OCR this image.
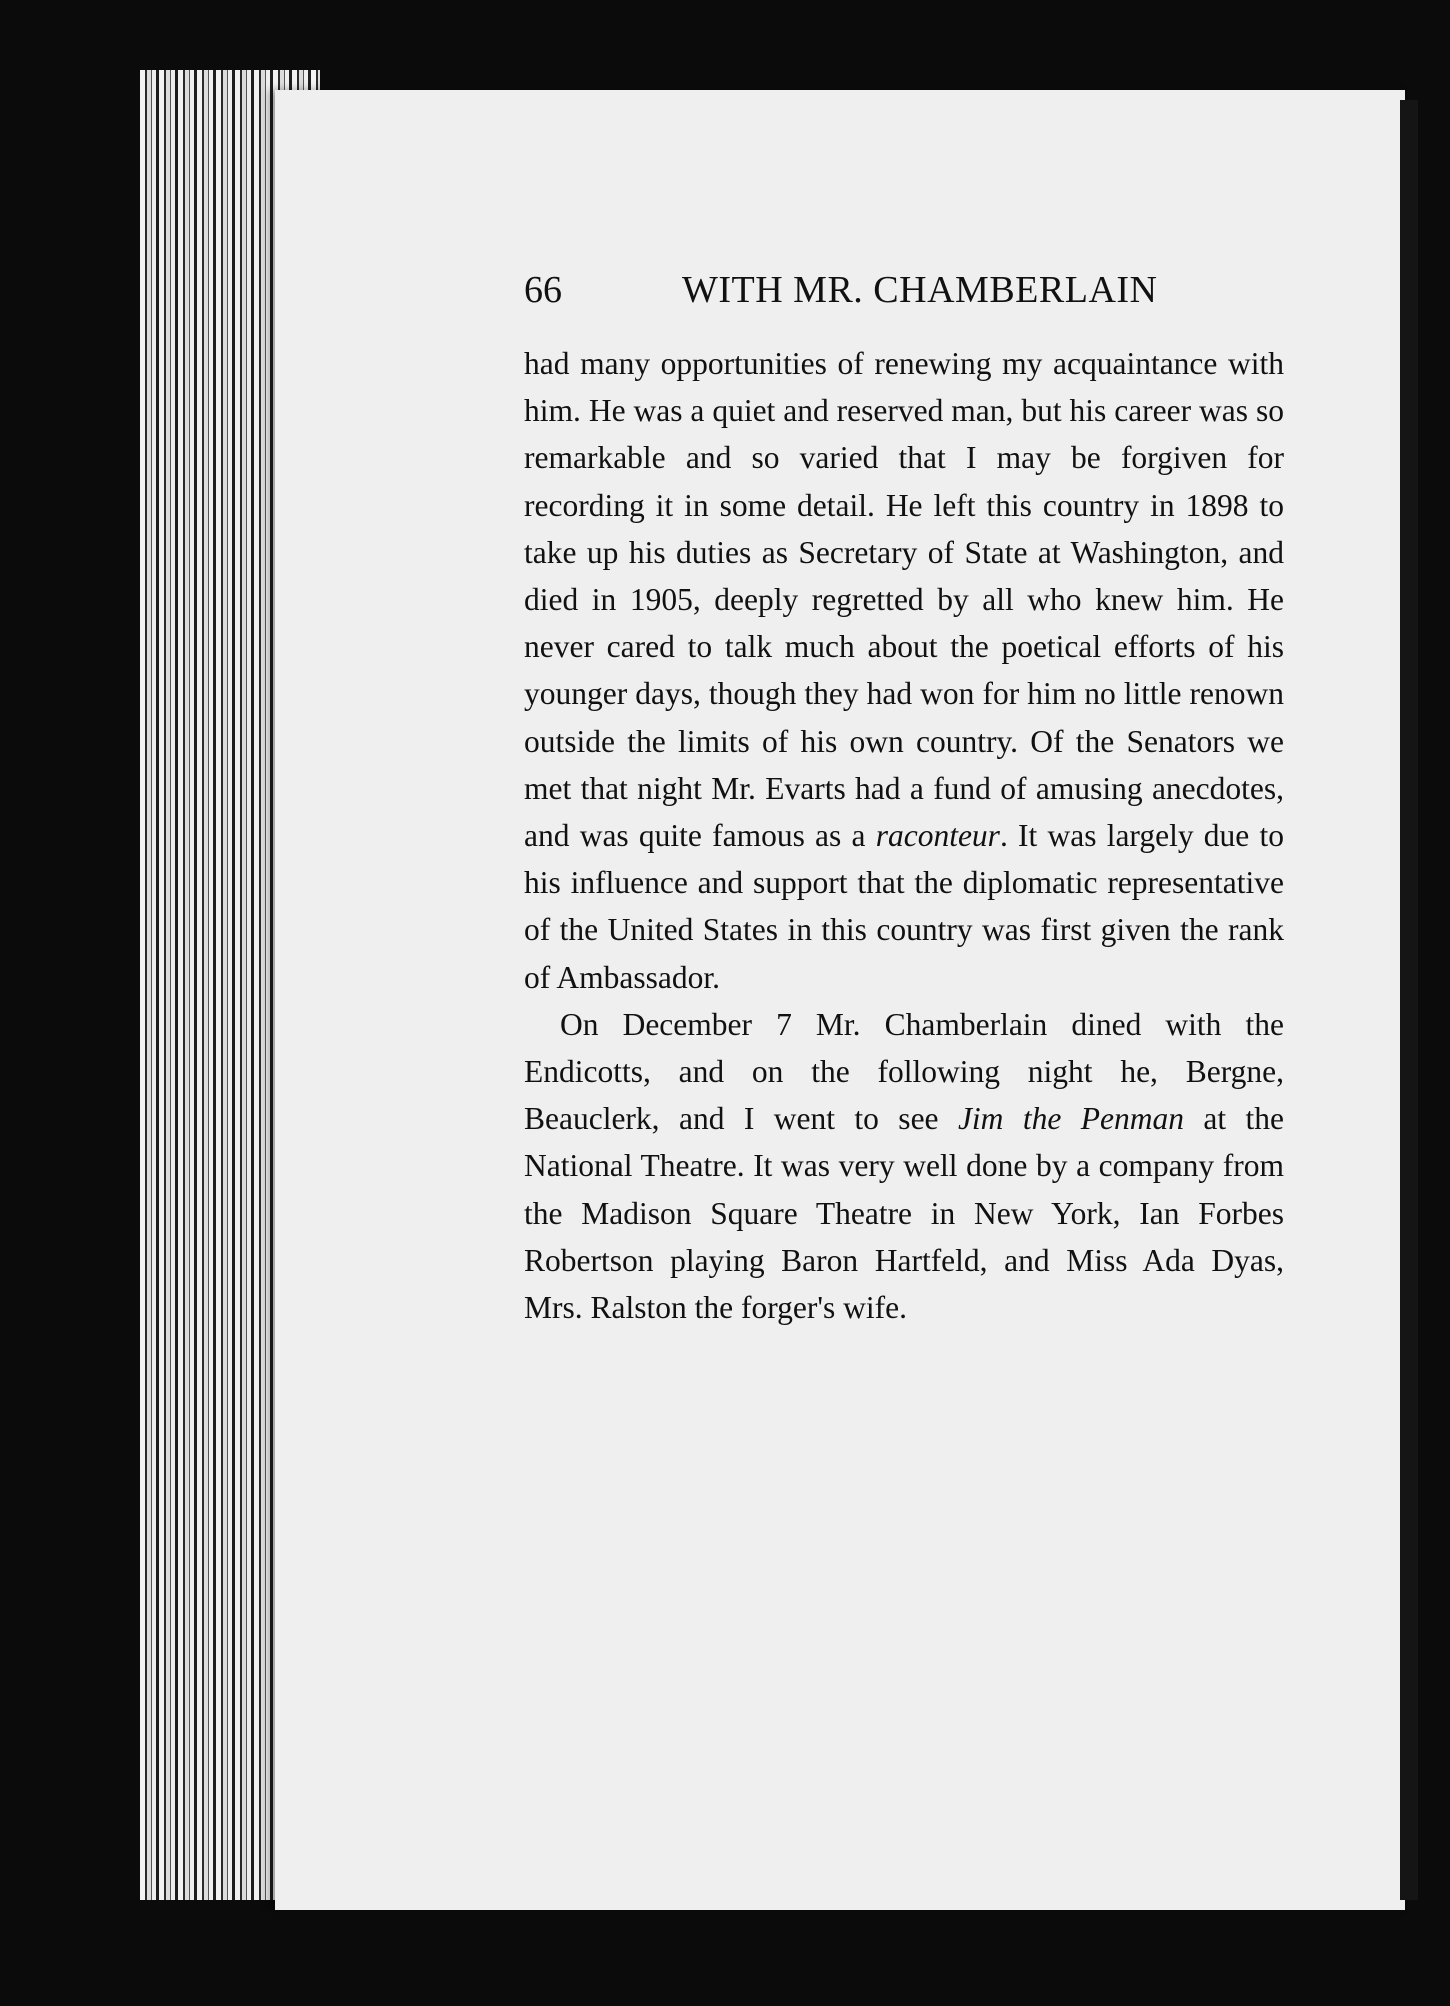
66	WITH MR. CHAMBERLAIN

had many opportunities of renewing my acquaintance with him. He was a quiet and reserved man, but his career was so remarkable and so varied that I may be forgiven for recording it in some detail. He left this country in 1898 to take up his duties as Secretary of State at Washington, and died in 1905, deeply regretted by all who knew him. He never cared to talk much about the poetical efforts of his younger days, though they had won for him no little renown outside the limits of his own country. Of the Senators we met that night Mr. Evarts had a fund of amusing anecdotes, and was quite famous as a raconteur. It was largely due to his influence and support that the diplomatic representative of the United States in this country was first given the rank of Ambassador.

On December 7 Mr. Chamberlain dined with the Endicotts, and on the following night he, Bergne, Beauclerk, and I went to see Jim the Penman at the National Theatre. It was very well done by a company from the Madison Square Theatre in New York, Ian Forbes Robertson playing Baron Hartfeld, and Miss Ada Dyas, Mrs. Ralston the forger's wife.
